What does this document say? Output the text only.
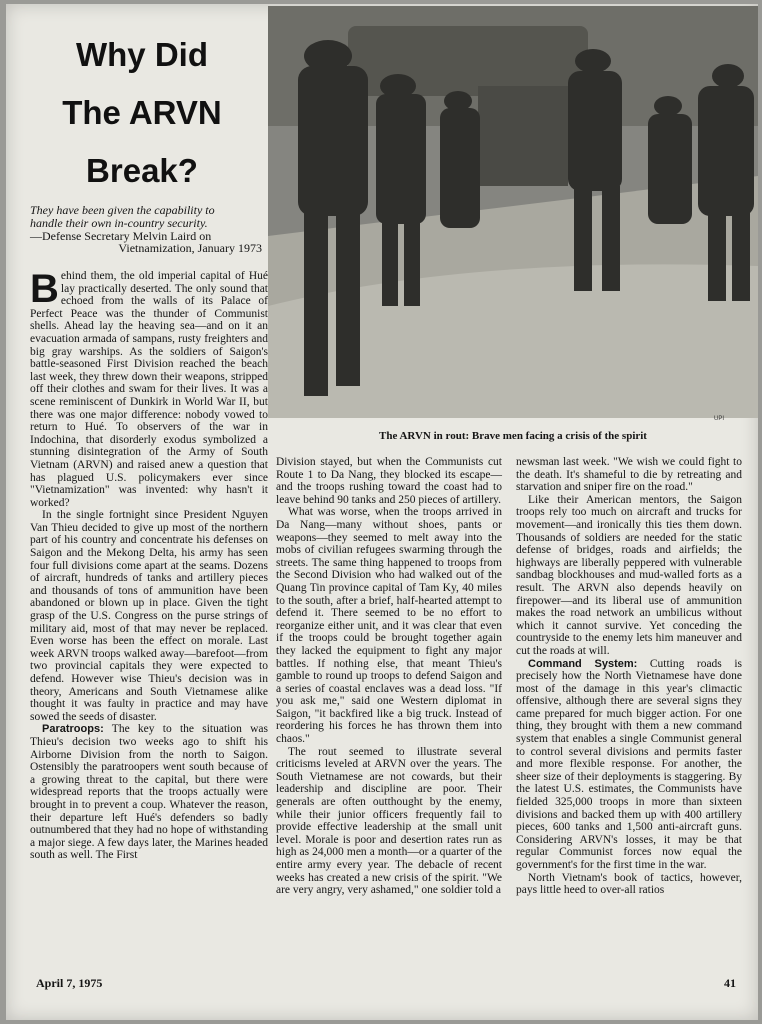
Why Did
The ARVN
Break?
They have been given the capability to
handle their own in-country security.
—Defense Secretary Melvin Laird on
Vietnamization, January 1973
UPI
The ARVN in rout: Brave men facing a crisis of the spirit

Behind them, the old imperial capital of Hué lay practically deserted. The only sound that echoed from the walls of its Palace of Perfect Peace was the thunder of Communist shells. Ahead lay the heaving sea—and on it an evacuation armada of sampans, rusty freighters and big gray warships. As the soldiers of Saigon's battle-seasoned First Division reached the beach last week, they threw down their weapons, stripped off their clothes and swam for their lives. It was a scene reminiscent of Dunkirk in World War II, but there was one major difference: nobody vowed to return to Hué. To observers of the war in Indochina, that disorderly exodus symbolized a stunning disintegration of the Army of South Vietnam (ARVN) and raised anew a question that has plagued U.S. policymakers ever since "Vietnamization" was invented: why hasn't it worked?

In the single fortnight since President Nguyen Van Thieu decided to give up most of the northern part of his country and concentrate his defenses on Saigon and the Mekong Delta, his army has seen four full divisions come apart at the seams. Dozens of aircraft, hundreds of tanks and artillery pieces and thousands of tons of ammunition have been abandoned or blown up in place. Given the tight grasp of the U.S. Congress on the purse strings of military aid, most of that may never be replaced. Even worse has been the effect on morale. Last week ARVN troops walked away—barefoot—from two provincial capitals they were expected to defend. However wise Thieu's decision was in theory, Americans and South Vietnamese alike thought it was faulty in practice and may have sowed the seeds of disaster.

Paratroops: The key to the situation was Thieu's decision two weeks ago to shift his Airborne Division from the north to Saigon. Ostensibly the paratroopers went south because of a growing threat to the capital, but there were widespread reports that the troops actually were brought in to prevent a coup. Whatever the reason, their departure left Hué's defenders so badly outnumbered that they had no hope of withstanding a major siege. A few days later, the Marines headed south as well. The First

Division stayed, but when the Communists cut Route 1 to Da Nang, they blocked its escape—and the troops rushing toward the coast had to leave behind 90 tanks and 250 pieces of artillery.

What was worse, when the troops arrived in Da Nang—many without shoes, pants or weapons—they seemed to melt away into the mobs of civilian refugees swarming through the streets. The same thing happened to troops from the Second Division who had walked out of the Quang Tin province capital of Tam Ky, 40 miles to the south, after a brief, half-hearted attempt to defend it. There seemed to be no effort to reorganize either unit, and it was clear that even if the troops could be brought together again they lacked the equipment to fight any major battles. If nothing else, that meant Thieu's gamble to round up troops to defend Saigon and a series of coastal enclaves was a dead loss. "If you ask me," said one Western diplomat in Saigon, "it backfired like a big truck. Instead of reordering his forces he has thrown them into chaos."

The rout seemed to illustrate several criticisms leveled at ARVN over the years. The South Vietnamese are not cowards, but their leadership and discipline are poor. Their generals are often outthought by the enemy, while their junior officers frequently fail to provide effective leadership at the small unit level. Morale is poor and desertion rates run as high as 24,000 men a month—or a quarter of the entire army every year. The debacle of recent weeks has created a new crisis of the spirit. "We are very angry, very ashamed," one soldier told a

newsman last week. "We wish we could fight to the death. It's shameful to die by retreating and starvation and sniper fire on the road."

Like their American mentors, the Saigon troops rely too much on aircraft and trucks for movement—and ironically this ties them down. Thousands of soldiers are needed for the static defense of bridges, roads and airfields; the highways are liberally peppered with vulnerable sandbag blockhouses and mud-walled forts as a result. The ARVN also depends heavily on firepower—and its liberal use of ammunition makes the road network an umbilicus without which it cannot survive. Yet conceding the countryside to the enemy lets him maneuver and cut the roads at will.

Command System: Cutting roads is precisely how the North Vietnamese have done most of the damage in this year's climactic offensive, although there are several signs they came prepared for much bigger action. For one thing, they brought with them a new command system that enables a single Communist general to control several divisions and permits faster and more flexible response. For another, the sheer size of their deployments is staggering. By the latest U.S. estimates, the Communists have fielded 325,000 troops in more than sixteen divisions and backed them up with 400 artillery pieces, 600 tanks and 1,500 anti-aircraft guns. Considering ARVN's losses, it may be that regular Communist forces now equal the government's for the first time in the war.

North Vietnam's book of tactics, however, pays little heed to over-all ratios

April 7, 1975	41
